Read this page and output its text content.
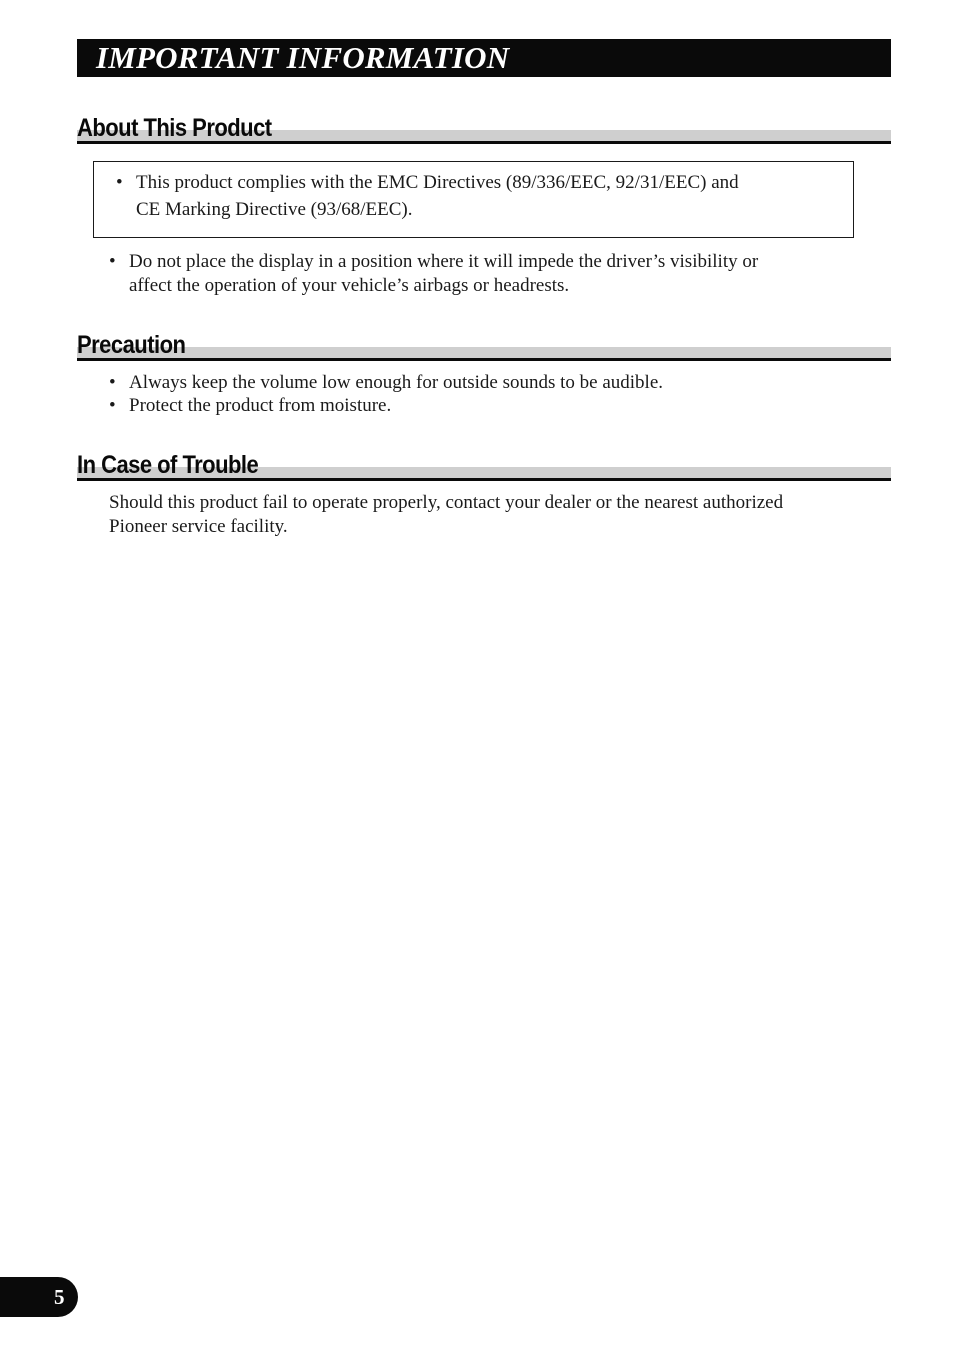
IMPORTANT INFORMATION
About This Product
• This product complies with the EMC Directives (89/336/EEC, 92/31/EEC) and
CE Marking Directive (93/68/EEC).
• Do not place the display in a position where it will impede the driver’s visibility or
affect the operation of your vehicle’s airbags or headrests.
Precaution
• Always keep the volume low enough for outside sounds to be audible.
• Protect the product from moisture.
In Case of Trouble
Should this product fail to operate properly, contact your dealer or the nearest authorized
Pioneer service facility.
5
